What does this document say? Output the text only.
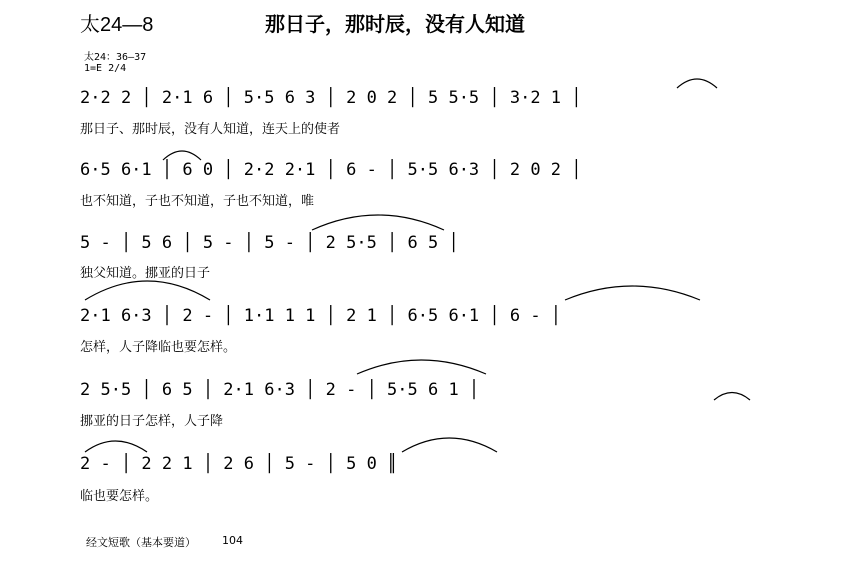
太24—8	那日子，那时辰，没有人知道
太24：36—37
1=E 2/4
2·2 2 │ 2·1 6 │ 5·5 6 3 │ 2 0 2 │ 5 5·5 │ 3·2 1 │
那日子、那时辰，没有人知道，连天上的使者
6·5 6·1 │ 6 0 │ 2·2 2·1 │ 6 - │ 5·5 6·3 │ 2 0 2 │
也不知道，子也不知道，子也不知道，唯
5 - │ 5 6 │ 5 - │ 5 - │ 2 5·5 │ 6 5 │
独父知道。挪亚的日子
2·1 6·3 │ 2 - │ 1·1 1 1 │ 2 1 │ 6·5 6·1 │ 6 - │
怎样，人子降临也要怎样。
2 5·5 │ 6 5 │ 2·1 6·3 │ 2 - │ 5·5 6 1 │
挪亚的日子怎样，人子降
2 - │ 2 2 1 │ 2 6 │ 5 - │ 5 0 ║
临也要怎样。
经文短歌（基本要道） 104
